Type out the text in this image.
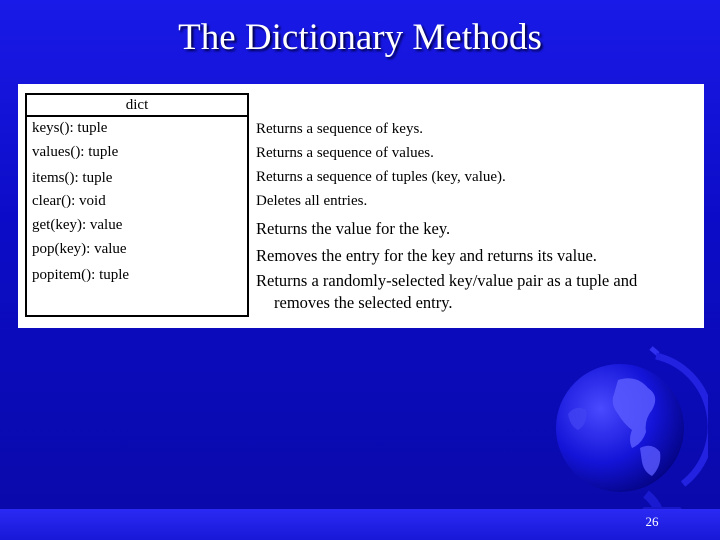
The Dictionary Methods
dict
keys(): tuple
values(): tuple
items(): tuple
clear(): void
get(key): value
pop(key): value
popitem(): tuple
Returns a sequence of keys.
Returns a sequence of values.
Returns a sequence of tuples (key, value).
Deletes all entries.
Returns the value for the key.
Removes the entry for the key and returns its value.
Returns a randomly-selected key/value pair as a tuple and
removes the selected entry.
26
